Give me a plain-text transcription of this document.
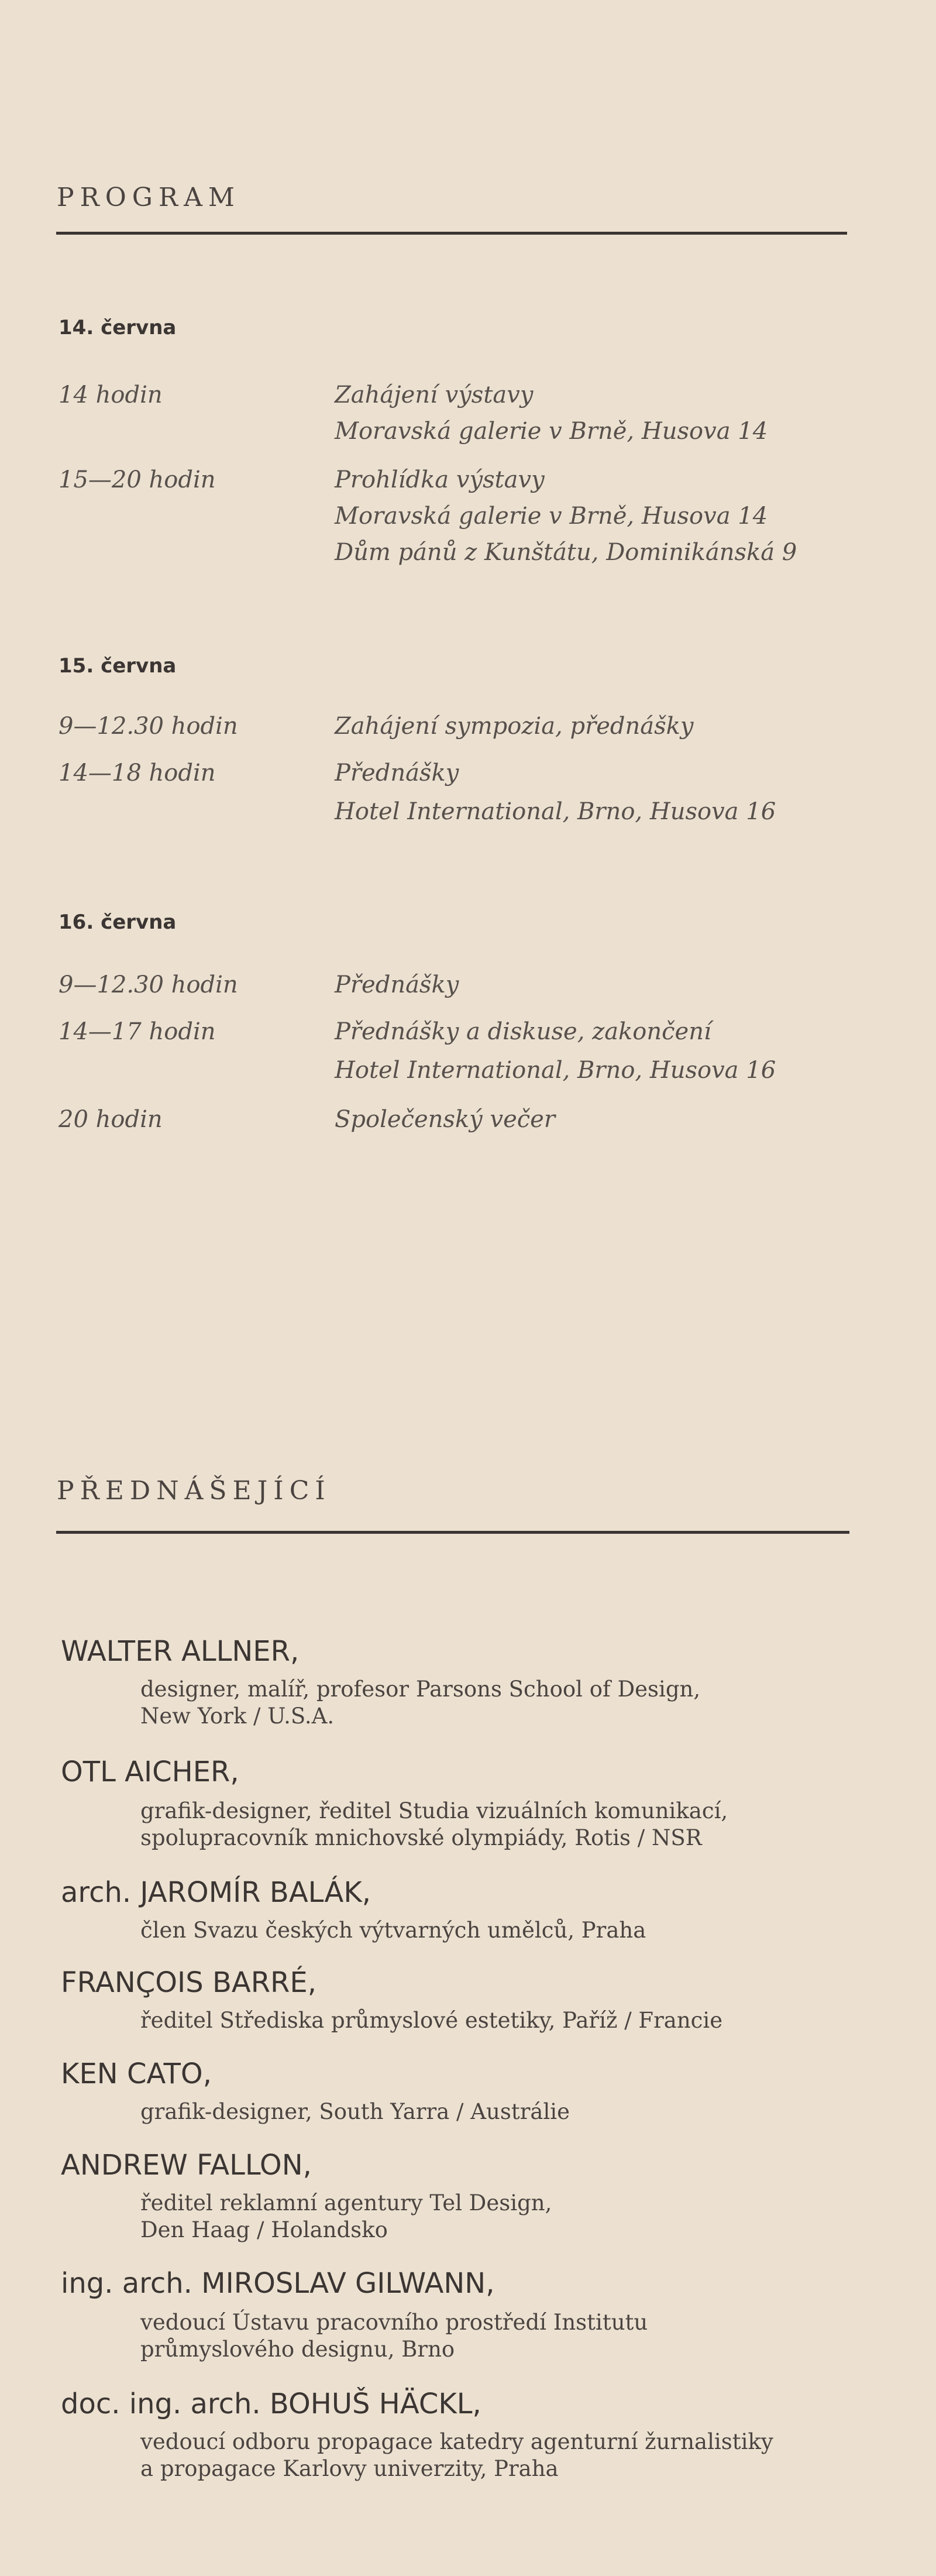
PROGRAM
14. června
14 hodin	Zahájení výstavy
Moravská galerie v Brně, Husova 14
15—20 hodin	Prohlídka výstavy
Moravská galerie v Brně, Husova 14
Dům pánů z Kunštátu, Dominikánská 9
15. června
9—12.30 hodin	Zahájení sympozia, přednášky
14—18 hodin	Přednášky
Hotel International, Brno, Husova 16
16. června
9—12.30 hodin	Přednášky
14—17 hodin	Přednášky a diskuse, zakončení
Hotel International, Brno, Husova 16
20 hodin	Společenský večer
PŘEDNÁŠEJÍCÍ
WALTER ALLNER,
designer, malíř, profesor Parsons School of Design,
New York / U.S.A.
OTL AICHER,
grafik-designer, ředitel Studia vizuálních komunikací,
spolupracovník mnichovské olympiády, Rotis / NSR
arch. JAROMÍR BALÁK,
člen Svazu českých výtvarných umělců, Praha
FRANÇOIS BARRÉ,
ředitel Střediska průmyslové estetiky, Paříž / Francie
KEN CATO,
grafik-designer, South Yarra / Austrálie
ANDREW FALLON,
ředitel reklamní agentury Tel Design,
Den Haag / Holandsko
ing. arch. MIROSLAV GILWANN,
vedoucí Ústavu pracovního prostředí Institutu
průmyslového designu, Brno
doc. ing. arch. BOHUŠ HÄCKL,
vedoucí odboru propagace katedry agenturní žurnalistiky
a propagace Karlovy univerzity, Praha
